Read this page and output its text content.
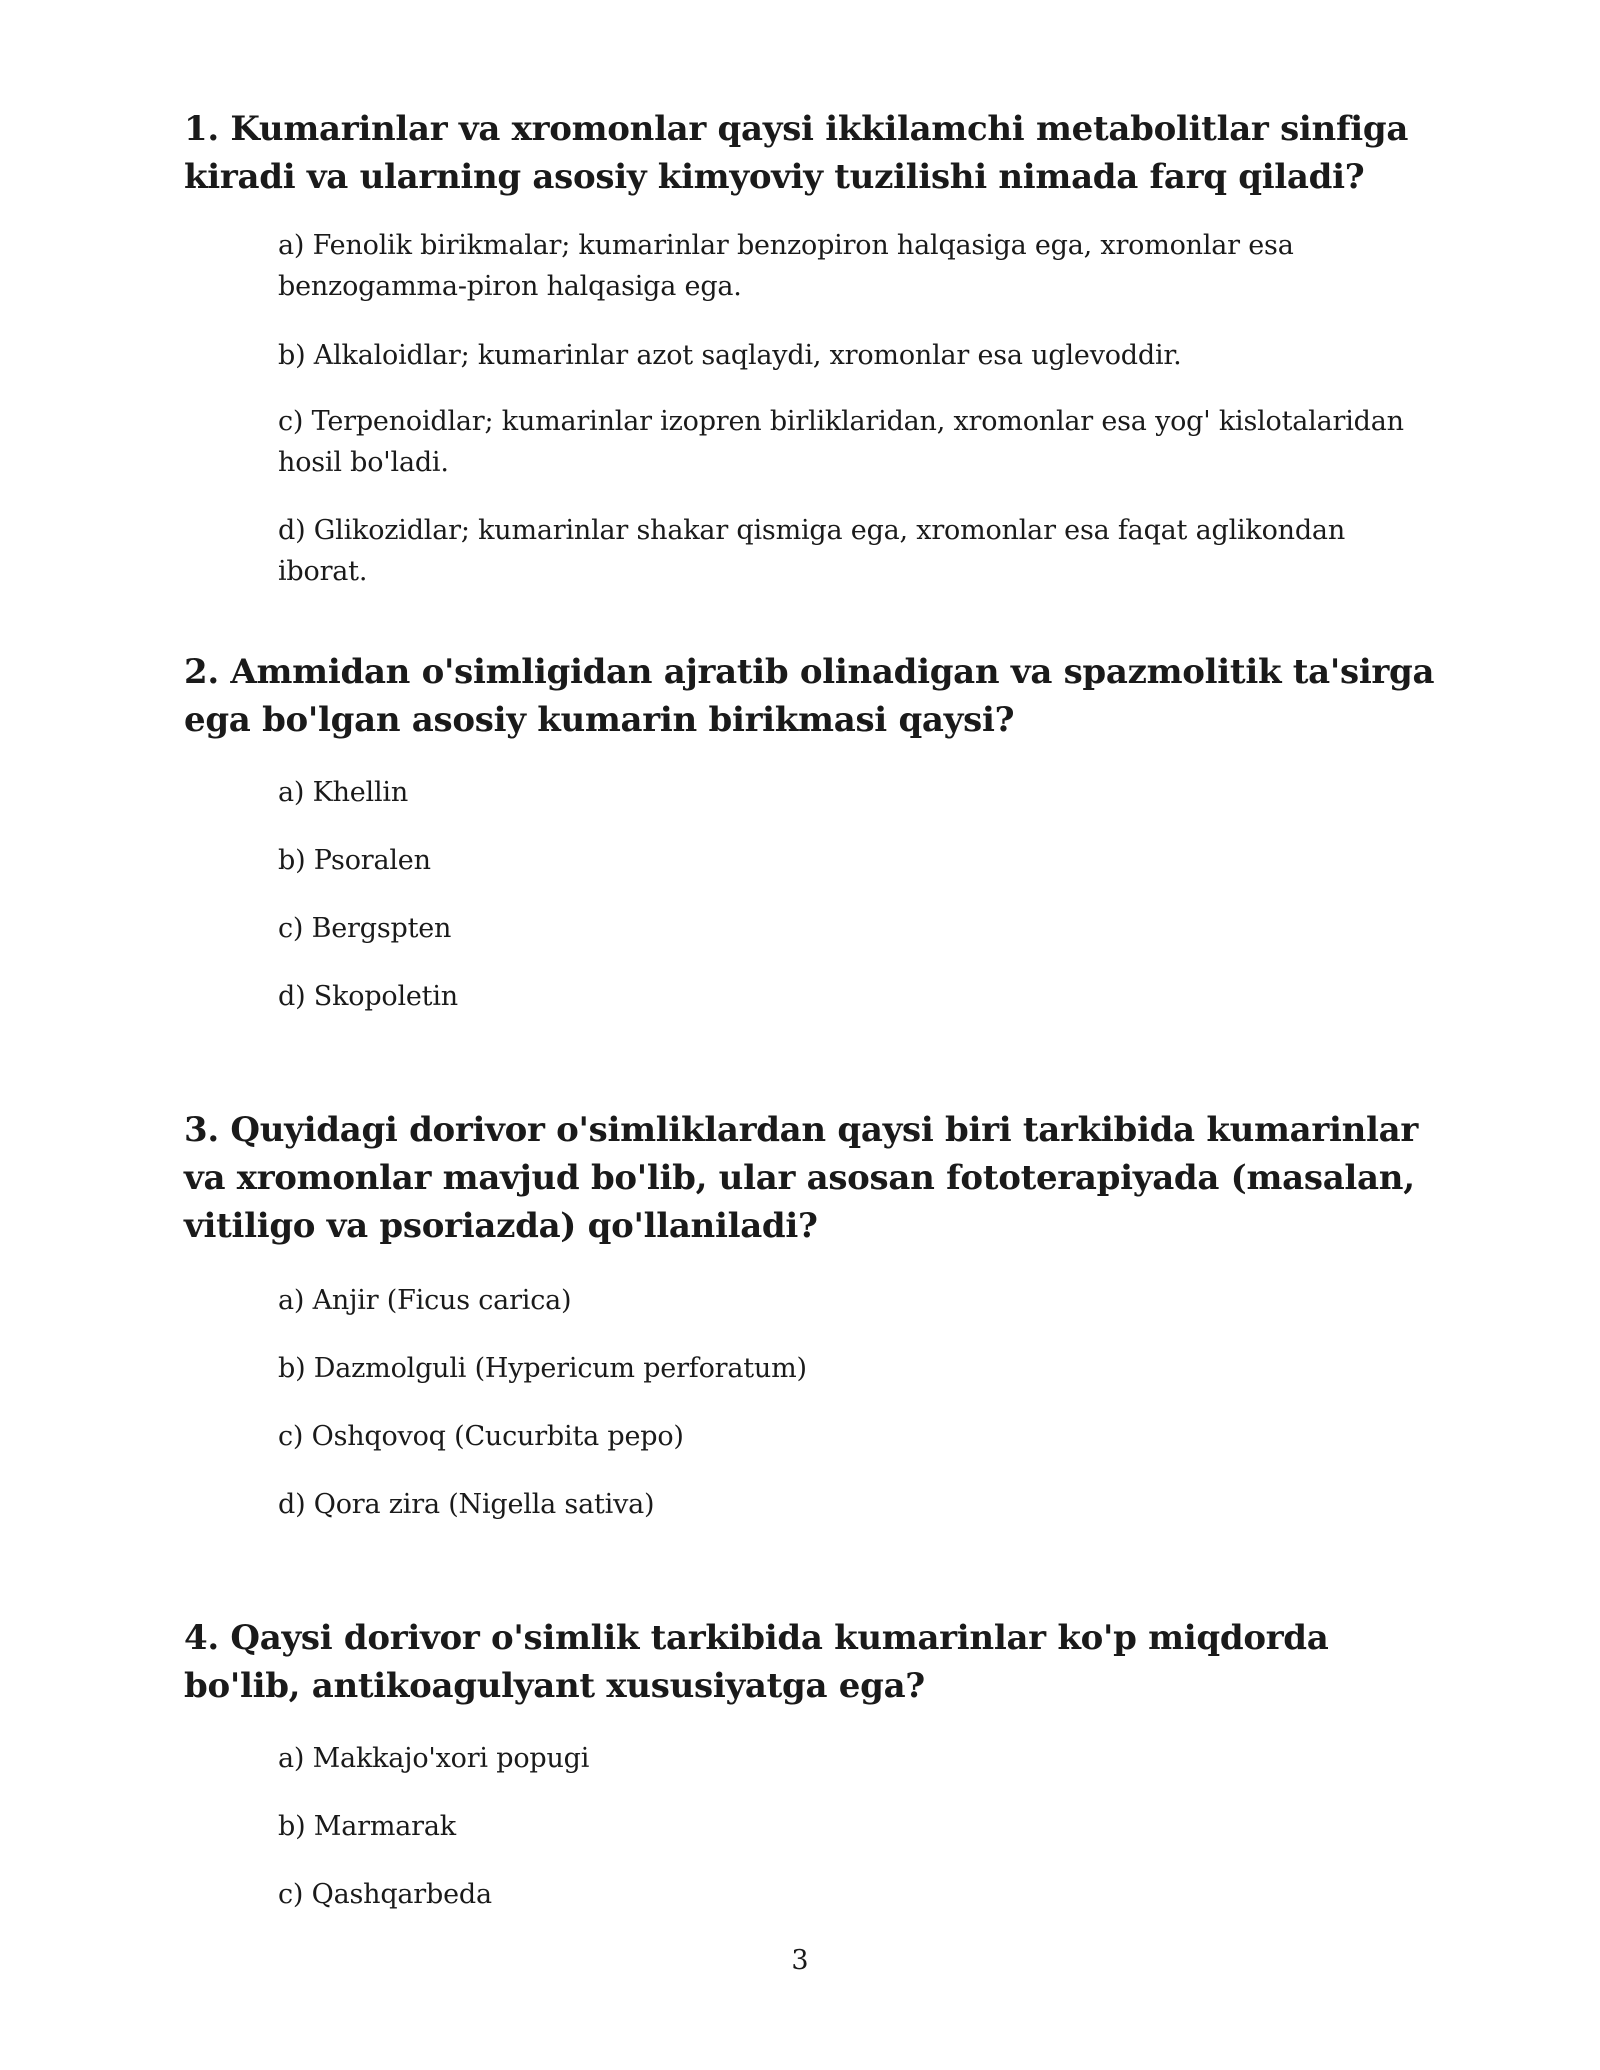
1. Kumarinlar va xromonlar qaysi ikkilamchi metabolitlar sinfiga kiradi va ularning asosiy kimyoviy tuzilishi nimada farq qiladi?

a) Fenolik birikmalar; kumarinlar benzopiron halqasiga ega, xromonlar esa benzogamma-piron halqasiga ega.
b) Alkaloidlar; kumarinlar azot saqlaydi, xromonlar esa uglevoddir.
c) Terpenoidlar; kumarinlar izopren birliklaridan, xromonlar esa yog' kislotalaridan hosil bo'ladi.
d) Glikozidlar; kumarinlar shakar qismiga ega, xromonlar esa faqat aglikondan iborat.

2. Ammidan o'simligidan ajratib olinadigan va spazmolitik ta'sirga ega bo'lgan asosiy kumarin birikmasi qaysi?

a) Khellin
b) Psoralen
c) Bergspten
d) Skopoletin

3. Quyidagi dorivor o'simliklardan qaysi biri tarkibida kumarinlar va xromonlar mavjud bo'lib, ular asosan fototerapiyada (masalan, vitiligo va psoriazda) qo'llaniladi?

a) Anjir (Ficus carica)
b) Dazmolguli (Hypericum perforatum)
c) Oshqovoq (Cucurbita pepo)
d) Qora zira (Nigella sativa)

4. Qaysi dorivor o'simlik tarkibida kumarinlar ko'p miqdorda bo'lib, antikoagulyant xususiyatga ega?

a) Makkajo'xori popugi
b) Marmarak
c) Qashqarbeda
3
